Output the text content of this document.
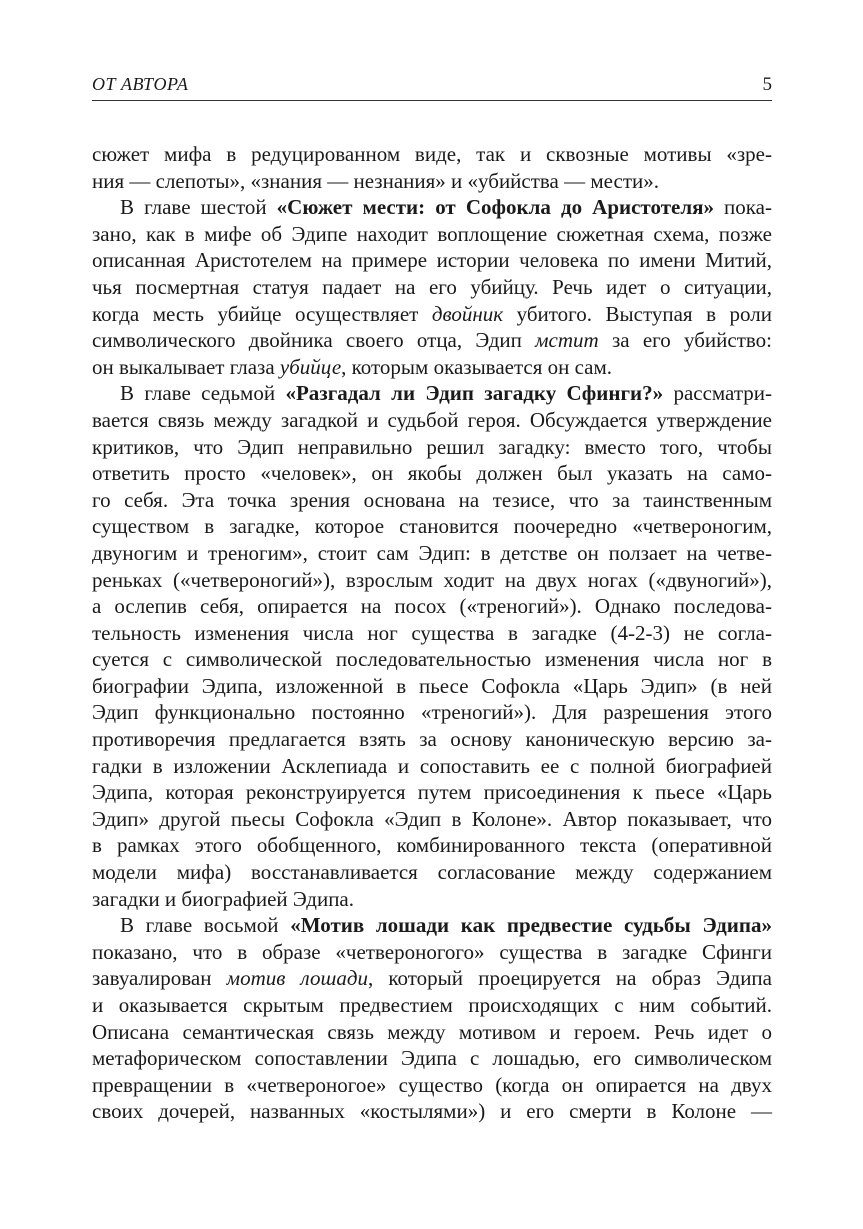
ОТ АВТОРА	5
сюжет мифа в редуцированном виде, так и сквозные мотивы «зре-
ния — слепоты», «знания — незнания» и «убийства — мести».
В главе шестой «Сюжет мести: от Софокла до Аристотеля» пока-
зано, как в мифе об Эдипе находит воплощение сюжетная схема, позже
описанная Аристотелем на примере истории человека по имени Митий,
чья посмертная статуя падает на его убийцу. Речь идет о ситуации,
когда месть убийце осуществляет двойник убитого. Выступая в роли
символического двойника своего отца, Эдип мстит за его убийство:
он выкалывает глаза убийце, которым оказывается он сам.
В главе седьмой «Разгадал ли Эдип загадку Сфинги?» рассматри-
вается связь между загадкой и судьбой героя. Обсуждается утверждение
критиков, что Эдип неправильно решил загадку: вместо того, чтобы
ответить просто «человек», он якобы должен был указать на само-
го себя. Эта точка зрения основана на тезисе, что за таинственным
существом в загадке, которое становится поочередно «четвероногим,
двуногим и треногим», стоит сам Эдип: в детстве он ползает на четве-
реньках («четвероногий»), взрослым ходит на двух ногах («двуногий»),
а ослепив себя, опирается на посох («треногий»). Однако последова-
тельность изменения числа ног существа в загадке (4-2-3) не согла-
суется с символической последовательностью изменения числа ног в
биографии Эдипа, изложенной в пьесе Софокла «Царь Эдип» (в ней
Эдип функционально постоянно «треногий»). Для разрешения этого
противоречия предлагается взять за основу каноническую версию за-
гадки в изложении Асклепиада и сопоставить ее с полной биографией
Эдипа, которая реконструируется путем присоединения к пьесе «Царь
Эдип» другой пьесы Софокла «Эдип в Колоне». Автор показывает, что
в рамках этого обобщенного, комбинированного текста (оперативной
модели мифа) восстанавливается согласование между содержанием
загадки и биографией Эдипа.
В главе восьмой «Мотив лошади как предвестие судьбы Эдипа»
показано, что в образе «четвероногого» существа в загадке Сфинги
завуалирован мотив лошади, который проецируется на образ Эдипа
и оказывается скрытым предвестием происходящих с ним событий.
Описана семантическая связь между мотивом и героем. Речь идет о
метафорическом сопоставлении Эдипа с лошадью, его символическом
превращении в «четвероногое» существо (когда он опирается на двух
своих дочерей, названных «костылями») и его смерти в Колоне —
